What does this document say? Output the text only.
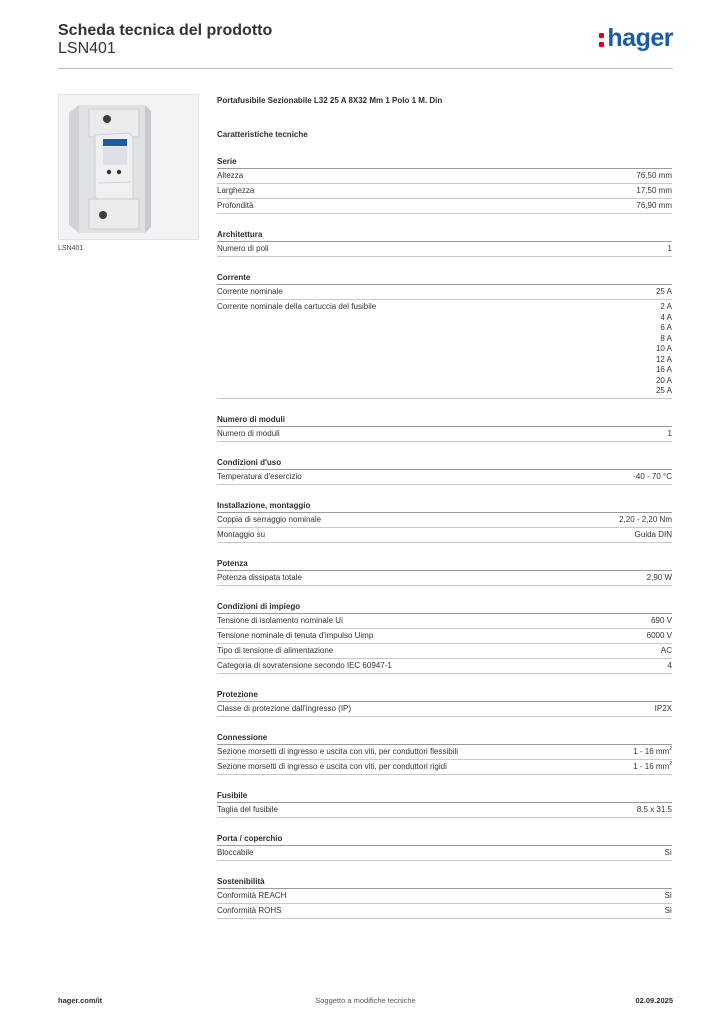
Scheda tecnica del prodotto
LSN401	hager
LSN401
Portafusibile Sezionabile L32 25 A 8X32 Mm 1 Polo 1 M. Din
Caratteristiche tecniche
Serie
Altezza	76,50 mm
Larghezza	17,50 mm
Profondità	76,90 mm
Architettura
Numero di poli	1
Corrente
Corrente nominale	25 A
Corrente nominale della cartuccia del fusibile	2 A
4 A
6 A
8 A
10 A
12 A
16 A
20 A
25 A
Numero di moduli
Numero di moduli	1
Condizioni d'uso
Temperatura d'esercizio	-40 - 70 °C
Installazione, montaggio
Coppia di serraggio nominale	2,20 - 2,20 Nm
Montaggio su	Guida DIN
Potenza
Potenza dissipata totale	2,90 W
Condizioni di impiego
Tensione di isolamento nominale Ui	690 V
Tensione nominale di tenuta d'impulso Uimp	6000 V
Tipo di tensione di alimentazione	AC
Categoria di sovratensione secondo IEC 60947-1	4
Protezione
Classe di protezione dall'ingresso (IP)	IP2X
Connessione
Sezione morsetti di ingresso e uscita con viti, per conduttori flessibili	1 - 16 $mm^2$
Sezione morsetti di ingresso e uscita con viti, per conduttori rigidi	1 - 16 $mm^2$
Fusibile
Taglia del fusibile	8.5 x 31.5
Porta / coperchio
Bloccabile	Sì
Sostenibilità
Conformità REACH	Sì
Conformità ROHS	Sì
hager.com/it	Soggetto a modifiche tecniche	02.09.2025
